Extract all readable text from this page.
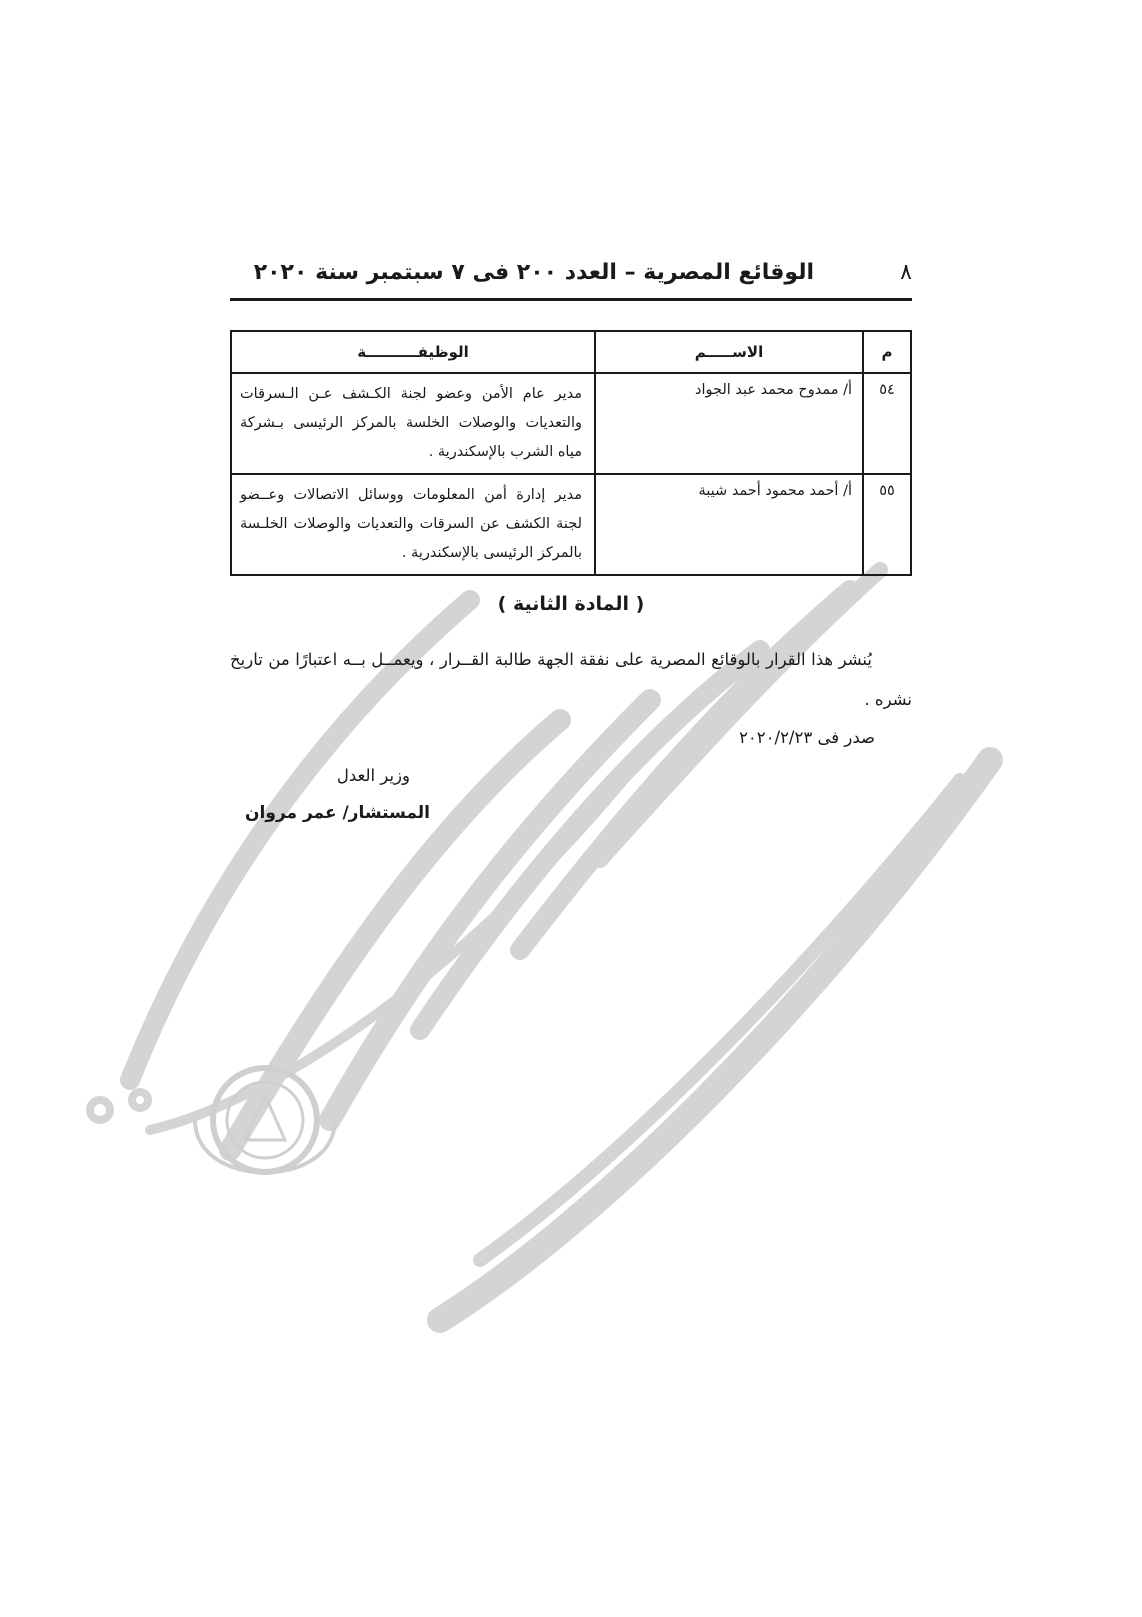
٨
الوقائع المصرية – العدد ٢٠٠ فى ٧ سبتمبر سنة ٢٠٢٠
م	الاســـــم	الوظيفــــــــــة
٥٤	أ/ ممدوح محمد عبد الجواد	مدير عام الأمن وعضو لجنة الكـشف عـن الـسرقات والتعديات والوصلات الخلسة بالمركز الرئيسى بـشركة مياه الشرب بالإسكندرية .
٥٥	أ/ أحمد محمود أحمد شيبة	مدير إدارة أمن المعلومات ووسائل الاتصالات وعــضو لجنة الكشف عن السرقات والتعديات والوصلات الخلـسة بالمركز الرئيسى بالإسكندرية .
( المادة الثانية )
يُنشر هذا القرار بالوقائع المصرية على نفقة الجهة طالبة القــرار ، ويعمــل بــه اعتبارًا من تاريخ نشره .
صدر فى ٢٠٢٠/٢/٢٣
وزير العدل
المستشار/ عمر مروان
